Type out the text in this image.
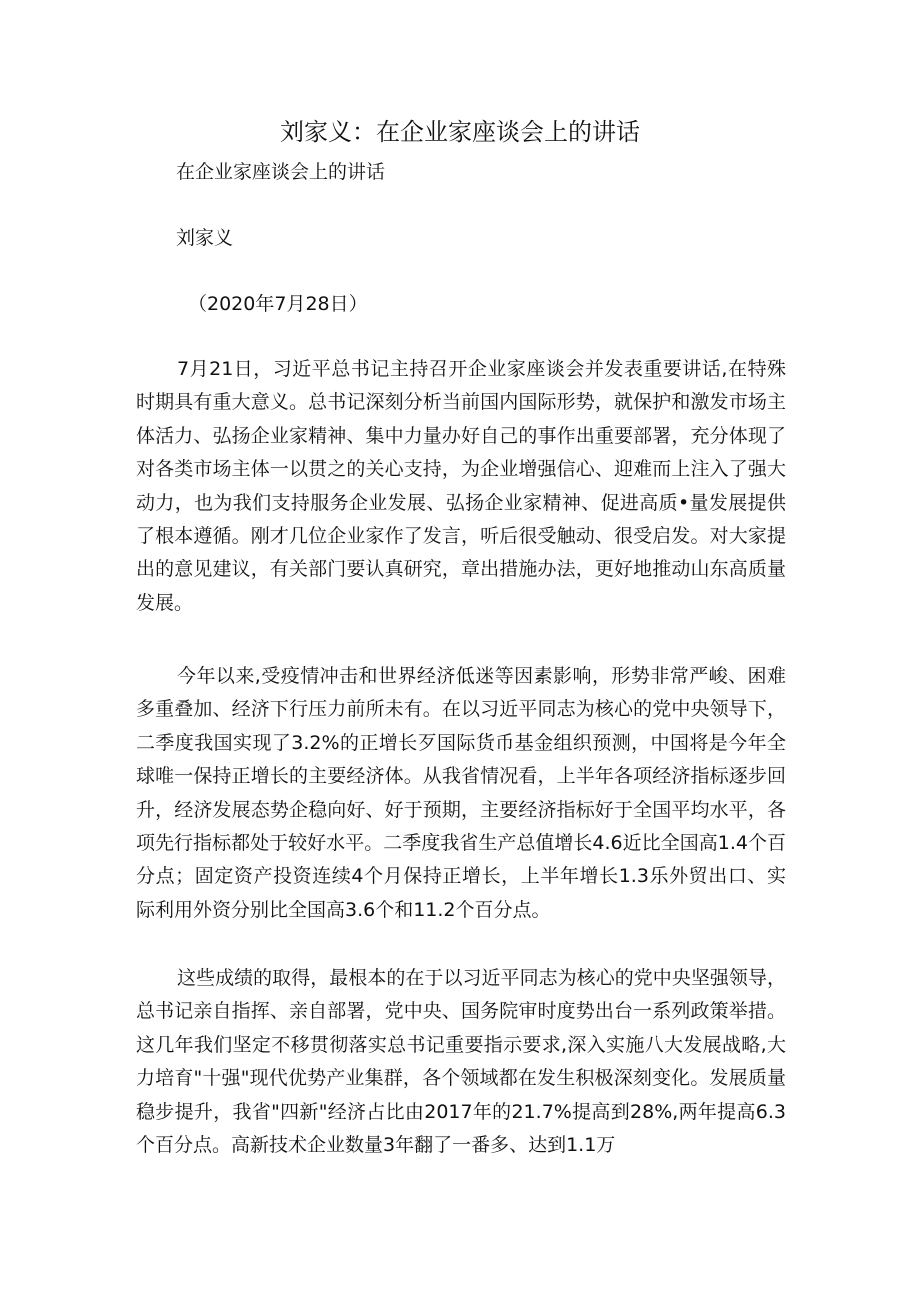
刘家义：在企业家座谈会上的讲话

在企业家座谈会上的讲话

刘家义

（2020年7月28日）

7月21日，习近平总书记主持召开企业家座谈会并发表重要讲话,在特殊时期具有重大意义。总书记深刻分析当前国内国际形势，就保护和激发市场主体活力、弘扬企业家精神、集中力量办好自己的事作出重要部署，充分体现了对各类市场主体一以贯之的关心支持，为企业增强信心、迎难而上注入了强大动力，也为我们支持服务企业发展、弘扬企业家精神、促进高质•量发展提供了根本遵循。刚才几位企业家作了发言，听后很受触动、很受启发。对大家提出的意见建议，有关部门要认真研究，章出措施办法，更好地推动山东高质量发展。

今年以来,受疫情冲击和世界经济低迷等因素影响，形势非常严峻、困难多重叠加、经济下行压力前所未有。在以习近平同志为核心的党中央领导下，二季度我国实现了3.2%的正增长歹国际货币基金组织预测，中国将是今年全球唯一保持正增长的主要经济体。从我省情况看，上半年各项经济指标逐步回升，经济发展态势企稳向好、好于预期，主要经济指标好于全国平均水平，各项先行指标都处于较好水平。二季度我省生产总值增长4.6近比全国高1.4个百分点；固定资产投资连续4个月保持正增长，上半年增长1.3乐外贸出口、实际利用外资分别比全国高3.6个和11.2个百分点。

这些成绩的取得，最根本的在于以习近平同志为核心的党中央坚强领导，总书记亲自指挥、亲自部署，党中央、国务院审时度势出台一系列政策举措。这几年我们坚定不移贯彻落实总书记重要指示要求,深入实施八大发展战略,大力培育"十强"现代优势产业集群，各个领域都在发生积极深刻变化。发展质量稳步提升，我省"四新"经济占比由2017年的21.7%提高到28%,两年提高6.3个百分点。高新技术企业数量3年翻了一番多、达到1.1万
